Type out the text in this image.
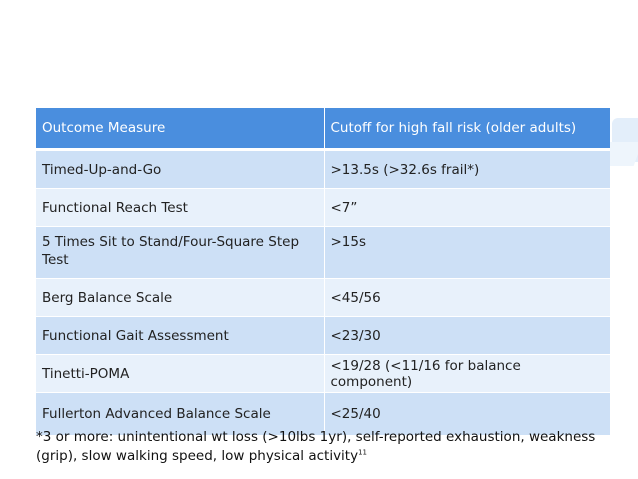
Outcome Measure	Cutoff for high fall risk (older adults)
Timed-Up-and-Go	>13.5s (>32.6s frail*)
Functional Reach Test	<7”
5 Times Sit to Stand/Four-Square Step Test	>15s
Berg Balance Scale	<45/56
Functional Gait Assessment	<23/30
Tinetti-POMA	<19/28 (<11/16 for balance component)
Fullerton Advanced Balance Scale	<25/40
*3 or more: unintentional wt loss (>10lbs 1yr), self-reported exhaustion, weakness (grip), slow walking speed, low physical activity$^{11}$
